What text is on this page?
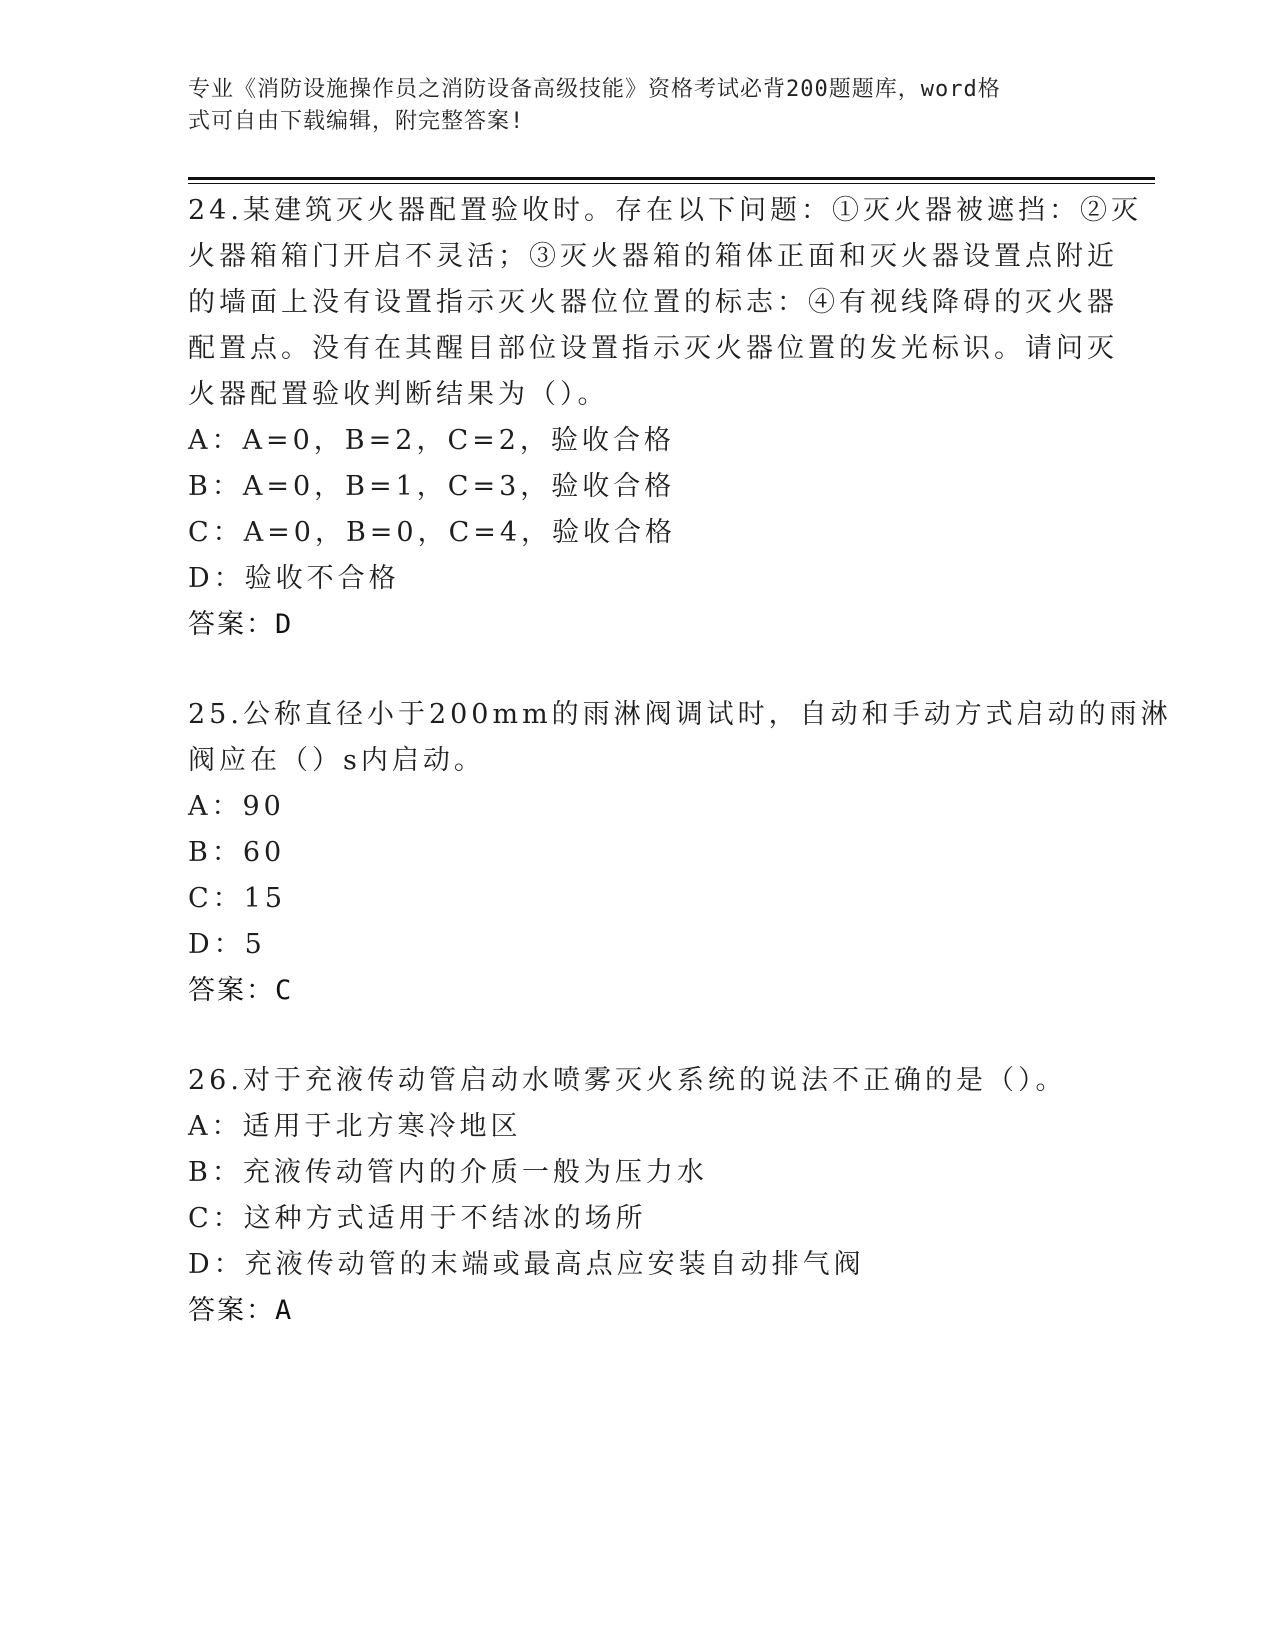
专业《消防设施操作员之消防设备高级技能》资格考试必背200题题库，word格
式可自由下载编辑，附完整答案!
24.某建筑灭火器配置验收时。存在以下问题：①灭火器被遮挡：②灭
火器箱箱门开启不灵活；③灭火器箱的箱体正面和灭火器设置点附近
的墙面上没有设置指示灭火器位位置的标志：④有视线降碍的灭火器
配置点。没有在其醒目部位设置指示灭火器位置的发光标识。请问灭
火器配置验收判断结果为（）。
A：A=0，B=2，C=2，验收合格
B：A=0，B=1，C=3，验收合格
C：A=0，B=0，C=4，验收合格
D：验收不合格
答案：D
25.公称直径小于200mm的雨淋阀调试时，自动和手动方式启动的雨淋
阀应在（）s内启动。
A：90
B：60
C：15
D：5
答案：C
26.对于充液传动管启动水喷雾灭火系统的说法不正确的是（）。
A：适用于北方寒冷地区
B：充液传动管内的介质一般为压力水
C：这种方式适用于不结冰的场所
D：充液传动管的末端或最高点应安装自动排气阀
答案：A
